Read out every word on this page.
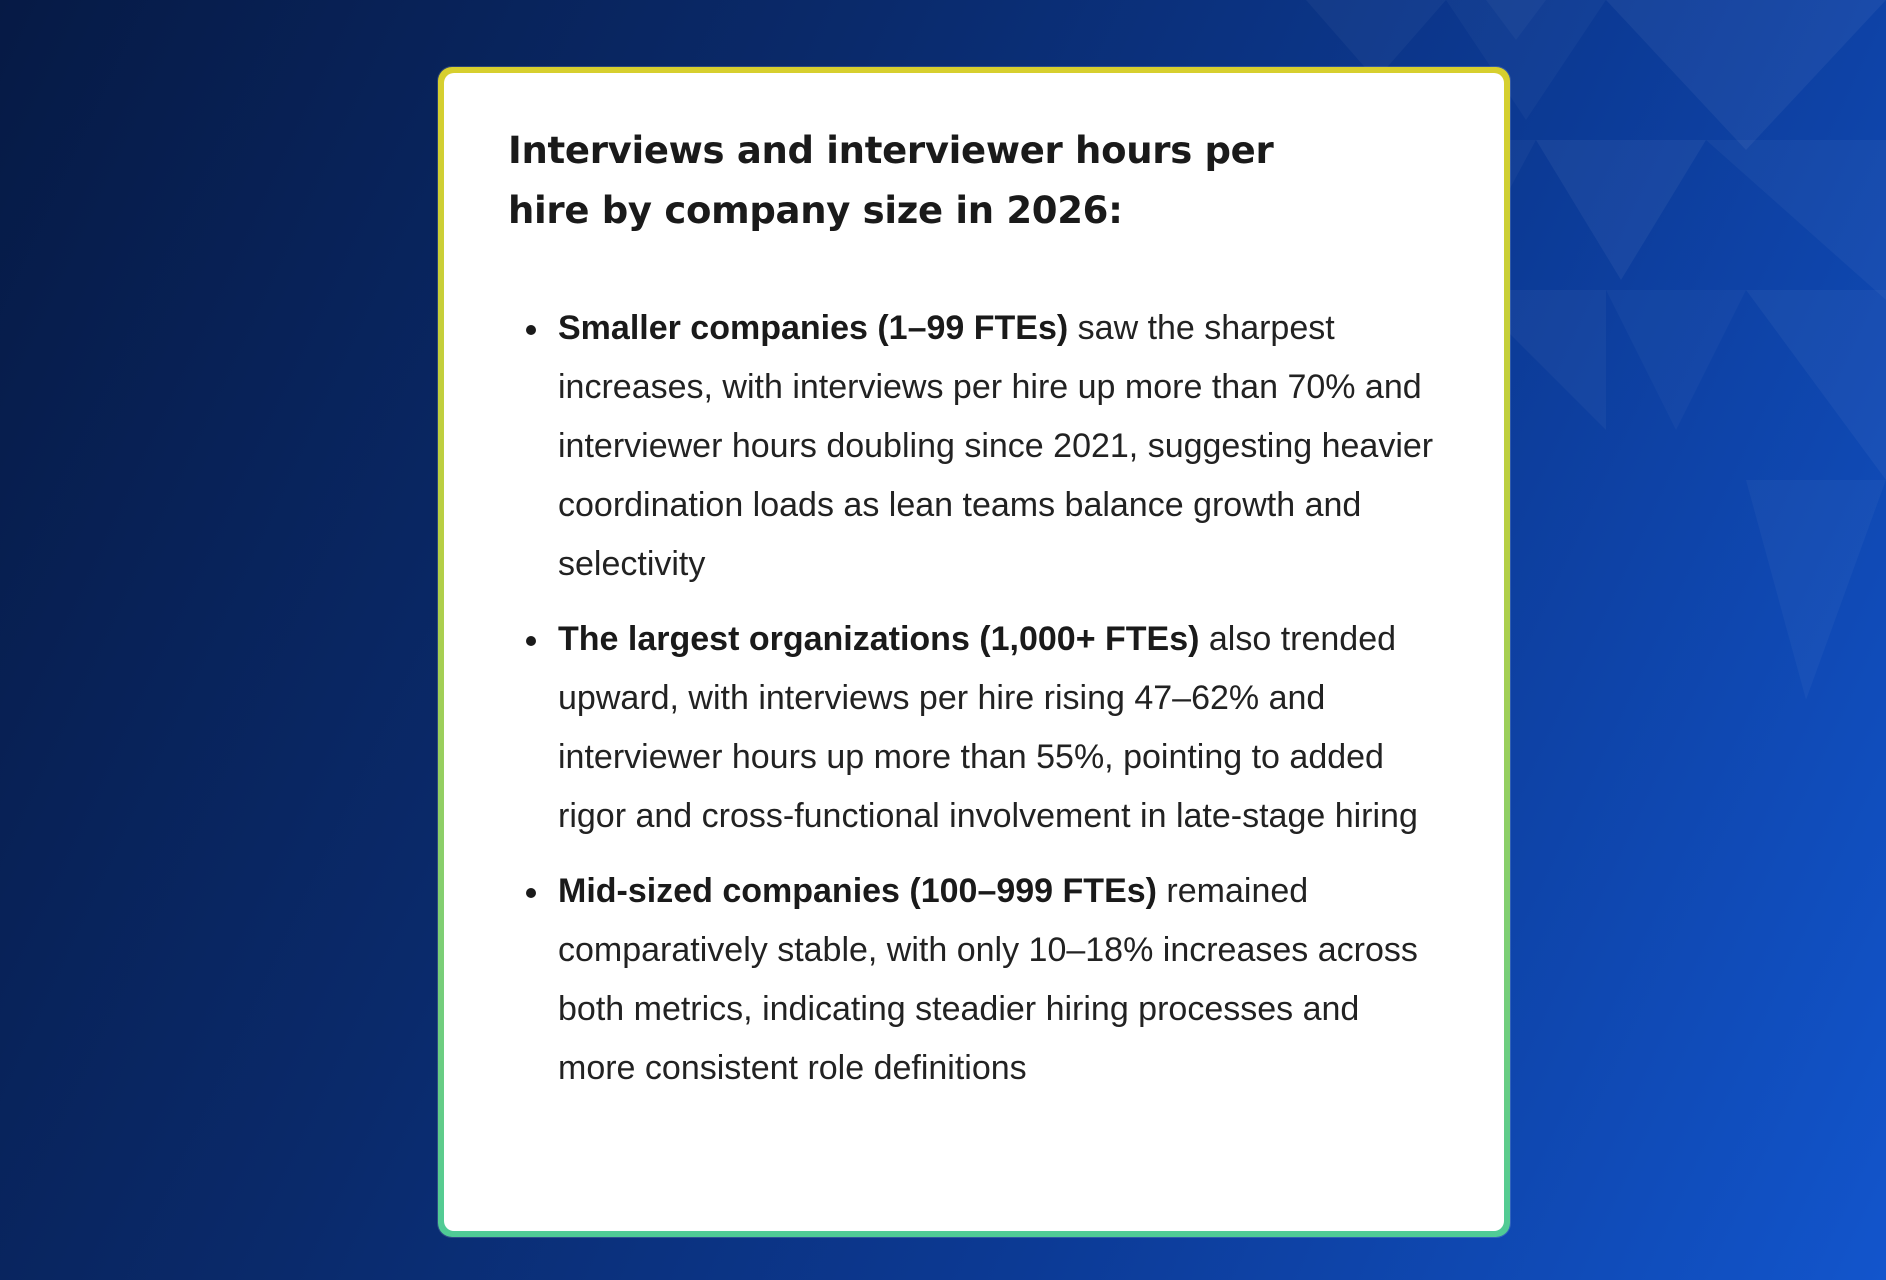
Interviews and interviewer hours per hire by company size in 2026:
Smaller companies (1–99 FTEs) saw the sharpest increases, with interviews per hire up more than 70% and interviewer hours doubling since 2021, suggesting heavier coordination loads as lean teams balance growth and selectivity
The largest organizations (1,000+ FTEs) also trended upward, with interviews per hire rising 47–62% and interviewer hours up more than 55%, pointing to added rigor and cross-functional involvement in late-stage hiring
Mid-sized companies (100–999 FTEs) remained comparatively stable, with only 10–18% increases across both metrics, indicating steadier hiring processes and more consistent role definitions
